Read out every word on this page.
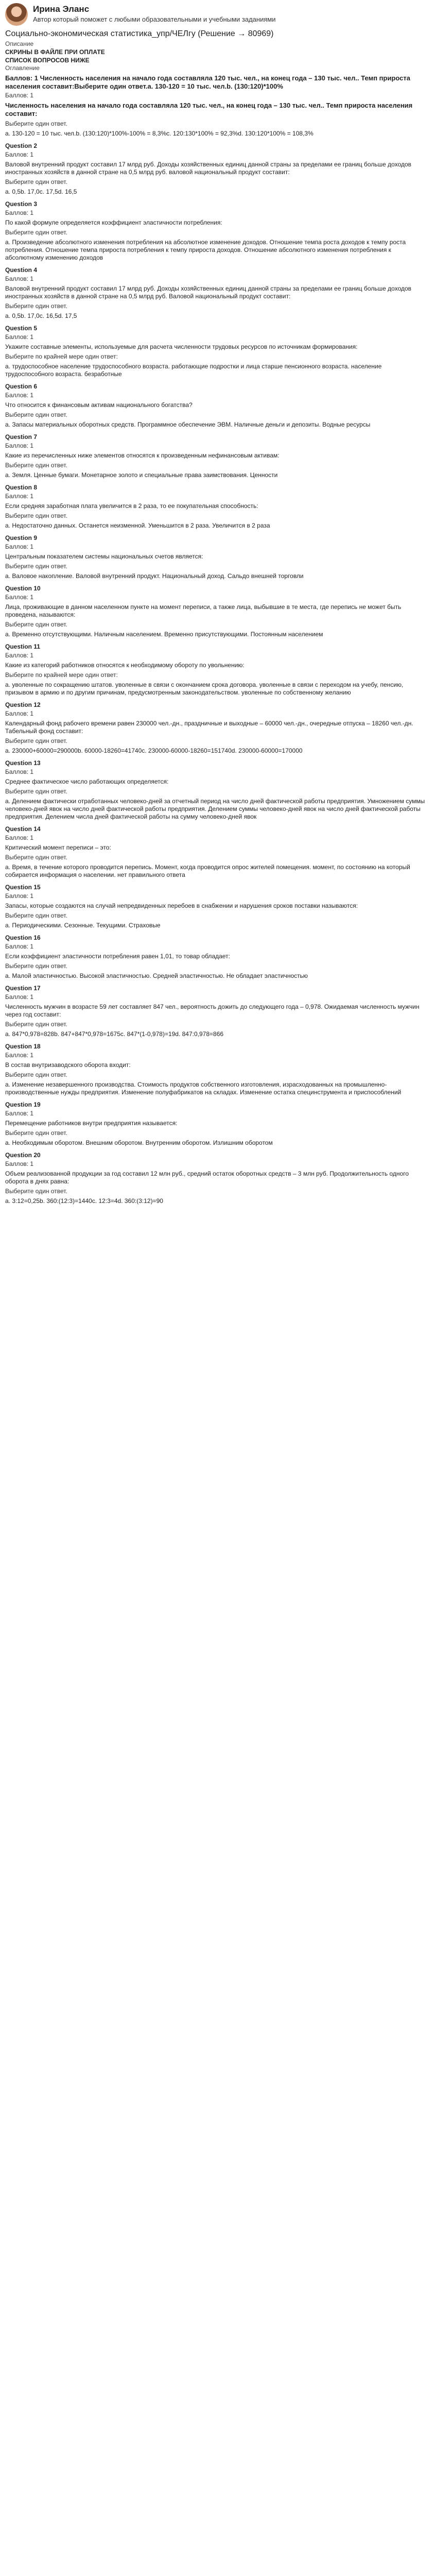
Ирина Эланс
Автор который поможет с любыми образовательными и учебными заданиями
Социально-экономическая статистика_упр/ЧЕЛгу (Решение → 80969)
Описание
СКРИНЫ В ФАЙЛЕ ПРИ ОПЛАТЕ
СПИСОК ВОПРОСОВ НИЖЕ
Оглавление
Баллов: 1 Численность населения на начало года составляла 120 тыс. чел., на конец года – 130 тыс. чел.. Темп прироста населения составит:Выберите один ответ.a. 130-120 = 10 тыс. чел.b. (130:120)*100%
Баллов: 1
Численность населения на начало года составляла 120 тыс. чел., на конец года – 130 тыс. чел.. Темп прироста населения составит:
Выберите один ответ.
a. 130-120 = 10 тыс. чел.b. (130:120)*100%-100% = 8,3%c. 120:130*100% = 92,3%d. 130:120*100% = 108,3%
Question 2
Баллов: 1
Валовой внутренний продукт составил 17 млрд руб. Доходы хозяйственных единиц данной страны за пределами ее границ больше доходов иностранных хозяйств в данной стране на 0,5 млрд руб. валовой национальный продукт составит:
Выберите один ответ.
a. 0,5b. 17,0c. 17,5d. 16,5
Question 3
Баллов: 1
По какой формуле определяется коэффициент эластичности потребления:
Выберите один ответ.
a. Произведение абсолютного изменения потребления на абсолютное изменение доходов. Отношение темпа роста доходов к темпу роста потребления. Отношение темпа прироста потребления к темпу прироста доходов. Отношение абсолютного изменения потребления к абсолютному изменению доходов
Question 4
Баллов: 1
Валовой внутренний продукт составил 17 млрд руб. Доходы хозяйственных единиц данной страны за пределами ее границ больше доходов иностранных хозяйств в данной стране на 0,5 млрд руб. Валовой национальный продукт составит:
Выберите один ответ.
a. 0,5b. 17,0c. 16,5d. 17,5
Question 5
Баллов: 1
Укажите составные элементы, используемые для расчета численности трудовых ресурсов по источникам формирования:
Выберите по крайней мере один ответ:
a. трудоспособное население трудоспособного возраста. работающие подростки и лица старше пенсионного возраста. население трудоспособного возраста. безработные
Question 6
Баллов: 1
Что относится к финансовым активам национального богатства?
Выберите один ответ.
a. Запасы материальных оборотных средств. Программное обеспечение ЭВМ. Наличные деньги и депозиты. Водные ресурсы
Question 7
Баллов: 1
Какие из перечисленных ниже элементов относятся к произведенным нефинансовым активам:
Выберите один ответ.
a. Земля. Ценные бумаги. Монетарное золото и специальные права заимствования. Ценности
Question 8
Баллов: 1
Если средняя заработная плата увеличится в 2 раза, то ее покупательная способность:
Выберите один ответ.
a. Недостаточно данных. Останется неизменной. Уменьшится в 2 раза. Увеличится в 2 раза
Question 9
Баллов: 1
Центральным показателем системы национальных счетов является:
Выберите один ответ.
a. Валовое накопление. Валовой внутренний продукт. Национальный доход. Сальдо внешней торговли
Question 10
Баллов: 1
Лица, проживающие в данном населенном пункте на момент переписи, а также лица, выбывшие в те места, где перепись не может быть проведена, называются:
Выберите один ответ.
a. Временно отсутствующими. Наличным населением. Временно присутствующими. Постоянным населением
Question 11
Баллов: 1
Какие из категорий работников относятся к необходимому обороту по увольнению:
Выберите по крайней мере один ответ:
a. уволенные по сокращению штатов. уволенные в связи с окончанием срока договора. уволенные в связи с переходом на учебу, пенсию, призывом в армию и по другим причинам, предусмотренным законодательством. уволенные по собственному желанию
Question 12
Баллов: 1
Календарный фонд рабочего времени равен 230000 чел.-дн., праздничные и выходные – 60000 чел.-дн., очередные отпуска – 18260 чел.-дн. Табельный фонд составит:
Выберите один ответ.
a. 230000+60000=290000b. 60000-18260=41740c. 230000-60000-18260=151740d. 230000-60000=170000
Question 13
Баллов: 1
Среднее фактическое число работающих определяется:
Выберите один ответ.
a. Делением фактически отработанных человеко-дней за отчетный период на число дней фактической работы предприятия. Умножением суммы человеко-дней явок на число дней фактической работы предприятия. Делением суммы человеко-дней явок на число дней фактической работы предприятия. Делением числа дней фактической работы на сумму человеко-дней явок
Question 14
Баллов: 1
Критический момент переписи – это:
Выберите один ответ.
a. Время, в течение которого проводится перепись. Момент, когда проводится опрос жителей помещения. момент, по состоянию на который собирается информация о населении. нет правильного ответа
Question 15
Баллов: 1
Запасы, которые создаются на случай непредвиденных перебоев в снабжении и нарушения сроков поставки называются:
Выберите один ответ.
a. Периодическими. Сезонные. Текущими. Страховые
Question 16
Баллов: 1
Если коэффициент эластичности потребления равен 1,01, то товар обладает:
Выберите один ответ.
a. Малой эластичностью. Высокой эластичностью. Средней эластичностью. Не обладает эластичностью
Question 17
Баллов: 1
Численность мужчин в возрасте 59 лет составляет 847 чел., вероятность дожить до следующего года – 0,978. Ожидаемая численность мужчин через год составит:
Выберите один ответ.
a. 847*0,978=828b. 847+847*0,978=1675c. 847*(1-0,978)=19d. 847:0,978=866
Question 18
Баллов: 1
В состав внутризаводского оборота входит:
Выберите один ответ.
a. Изменение незавершенного производства. Стоимость продуктов собственного изготовления, израсходованных на промышленно-производственные нужды предприятия. Изменение полуфабрикатов на складах. Изменение остатка специнструмента и приспособлений
Question 19
Баллов: 1
Перемещение работников внутри предприятия называется:
Выберите один ответ.
a. Необходимым оборотом. Внешним оборотом. Внутренним оборотом. Излишним оборотом
Question 20
Баллов: 1
Объем реализованной продукции за год составил 12 млн руб., средний остаток оборотных средств – 3 млн руб. Продолжительность одного оборота в днях равна:
Выберите один ответ.
a. 3:12=0,25b. 360:(12:3)=1440c. 12:3=4d. 360:(3:12)=90
